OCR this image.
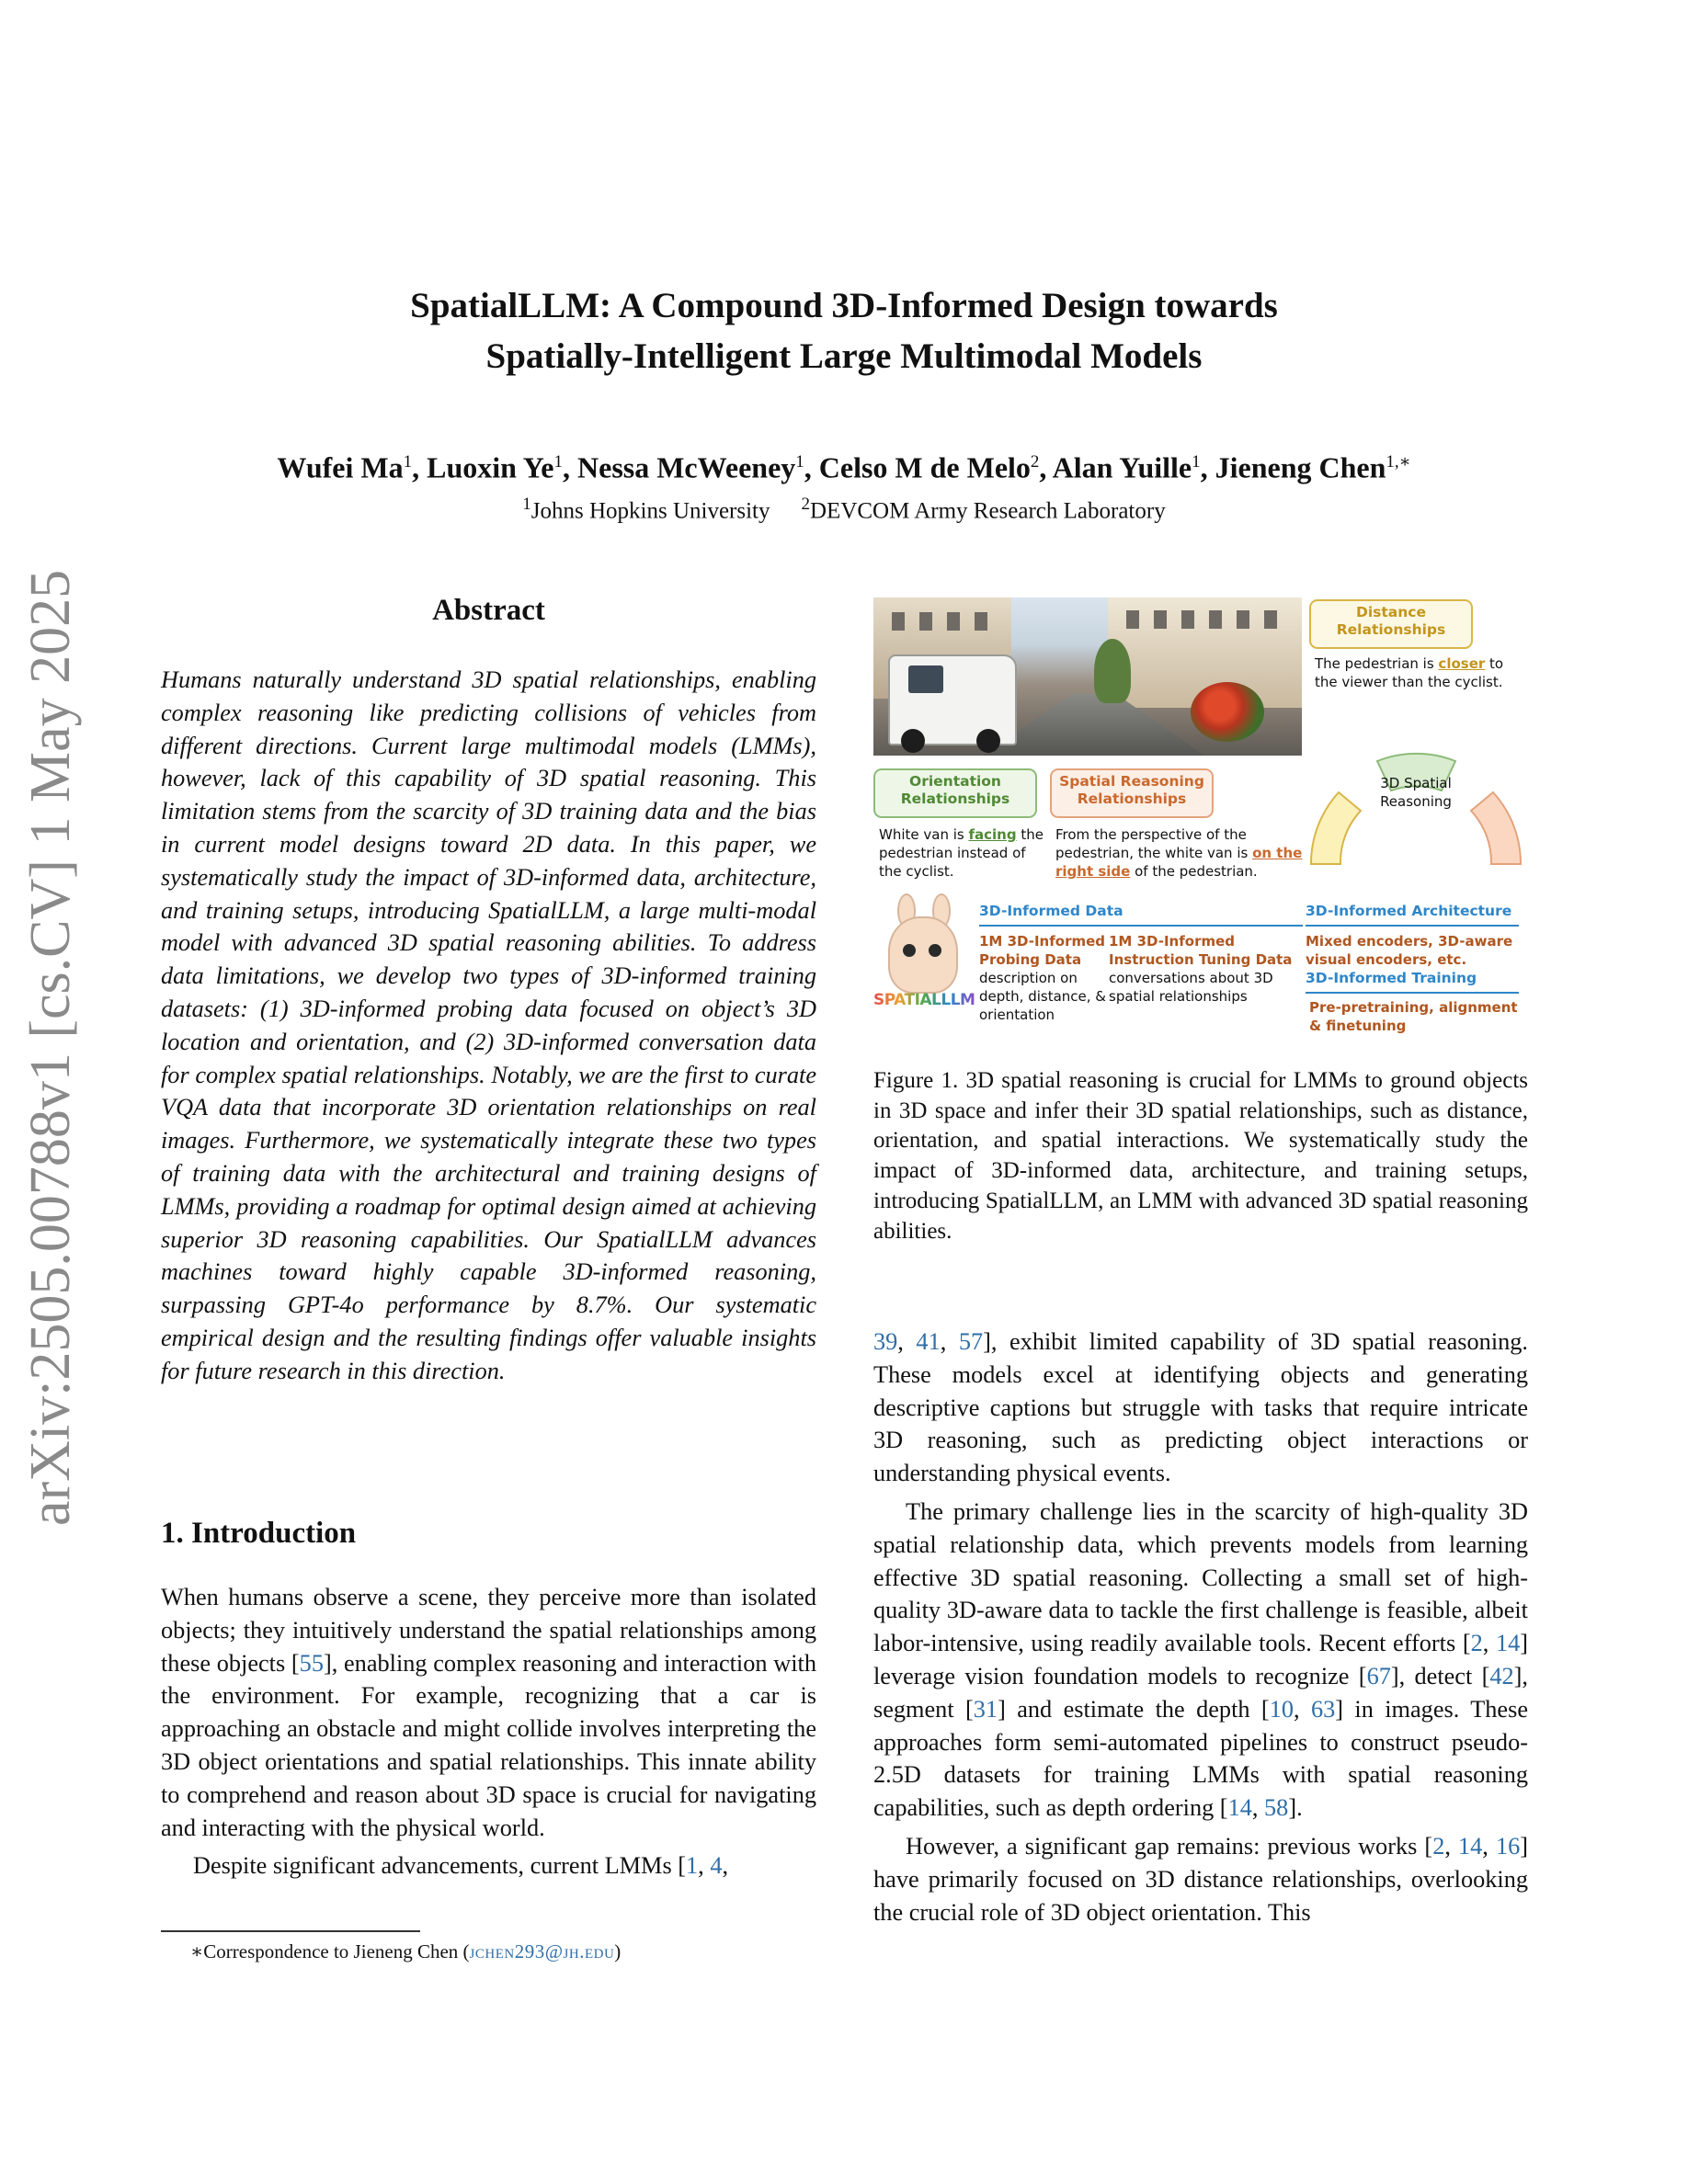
arXiv:2505.00788v1 [cs.CV] 1 May 2025
SpatialLLM: A Compound 3D-Informed Design towards
Spatially-Intelligent Large Multimodal Models
Wufei Ma$^1$, Luoxin Ye$^1$, Nessa McWeeney$^1$, Celso M de Melo$^2$, Alan Yuille$^1$, Jieneng Chen$^{1,∗}$
$^1$Johns Hopkins University $^2$DEVCOM Army Research Laboratory
Abstract
Humans naturally understand 3D spatial relationships, enabling complex reasoning like predicting collisions of vehicles from different directions. Current large multimodal models (LMMs), however, lack of this capability of 3D spatial reasoning. This limitation stems from the scarcity of 3D training data and the bias in current model designs toward 2D data. In this paper, we systematically study the impact of 3D-informed data, architecture, and training setups, introducing SpatialLLM, a large multi-modal model with advanced 3D spatial reasoning abilities. To address data limitations, we develop two types of 3D-informed training datasets: (1) 3D-informed probing data focused on object’s 3D location and orientation, and (2) 3D-informed conversation data for complex spatial relationships. Notably, we are the first to curate VQA data that incorporate 3D orientation relationships on real images. Furthermore, we systematically integrate these two types of training data with the architectural and training designs of LMMs, providing a roadmap for optimal design aimed at achieving superior 3D reasoning capabilities. Our SpatialLLM advances machines toward highly capable 3D-informed reasoning, surpassing GPT-4o performance by 8.7%. Our systematic empirical design and the resulting findings offer valuable insights for future research in this direction.
1. Introduction

When humans observe a scene, they perceive more than isolated objects; they intuitively understand the spatial relationships among these objects [55], enabling complex reasoning and interaction with the environment. For example, recognizing that a car is approaching an obstacle and might collide involves interpreting the 3D object orientations and spatial relationships. This innate ability to comprehend and reason about 3D space is crucial for navigating and interacting with the physical world.

Despite significant advancements, current LMMs [1, 4,

∗Correspondence to Jieneng Chen (jchen293@jh.edu)
Distance Relationships
The pedestrian is closer to the viewer than the cyclist.
3D Spatial Reasoning
Orientation Relationships
White van is facing the pedestrian instead of the cyclist.
Spatial Reasoning Relationships
From the perspective of the pedestrian, the white van is on the right side of the pedestrian.
SPATIALLLM
3D-Informed Data
1M 3D-Informed Probing Data
description on depth, distance, & orientation
1M 3D-Informed Instruction Tuning Data
conversations about 3D spatial relationships
3D-Informed Architecture
Mixed encoders, 3D-aware visual encoders, etc.
3D-Informed Training
Pre-pretraining, alignment & finetuning
Figure 1. 3D spatial reasoning is crucial for LMMs to ground objects in 3D space and infer their 3D spatial relationships, such as distance, orientation, and spatial interactions. We systematically study the impact of 3D-informed data, architecture, and training setups, introducing SpatialLLM, an LMM with advanced 3D spatial reasoning abilities.

39, 41, 57], exhibit limited capability of 3D spatial reasoning. These models excel at identifying objects and generating descriptive captions but struggle with tasks that require intricate 3D reasoning, such as predicting object interactions or understanding physical events.

The primary challenge lies in the scarcity of high-quality 3D spatial relationship data, which prevents models from learning effective 3D spatial reasoning. Collecting a small set of high-quality 3D-aware data to tackle the first challenge is feasible, albeit labor-intensive, using readily available tools. Recent efforts [2, 14] leverage vision foundation models to recognize [67], detect [42], segment [31] and estimate the depth [10, 63] in images. These approaches form semi-automated pipelines to construct pseudo-2.5D datasets for training LMMs with spatial reasoning capabilities, such as depth ordering [14, 58].

However, a significant gap remains: previous works [2, 14, 16] have primarily focused on 3D distance relationships, overlooking the crucial role of 3D object orientation. This
